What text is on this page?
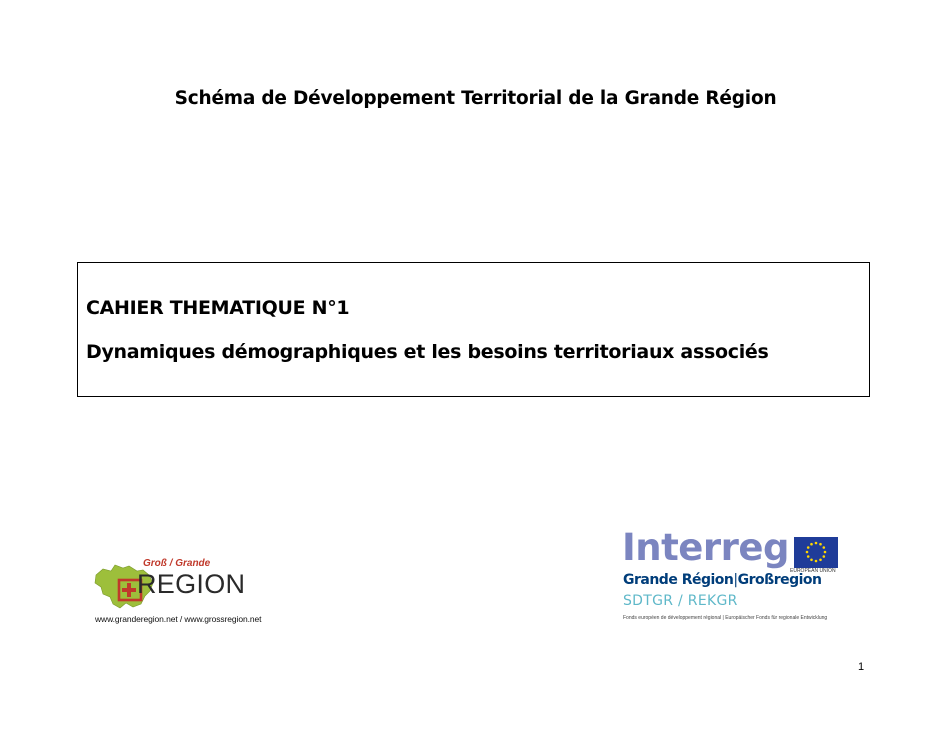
Schéma de Développement Territorial de la Grande Région
CAHIER THEMATIQUE N°1
Dynamiques démographiques et les besoins territoriaux associés
Groß / Grande
REGION
www.granderegion.net / www.grossregion.net
Interreg
EUROPEAN UNION
Grande Région|Großregion
SDTGR / REKGR
Fonds européen de développement régional | Europäischer Fonds für regionale Entwicklung
1
